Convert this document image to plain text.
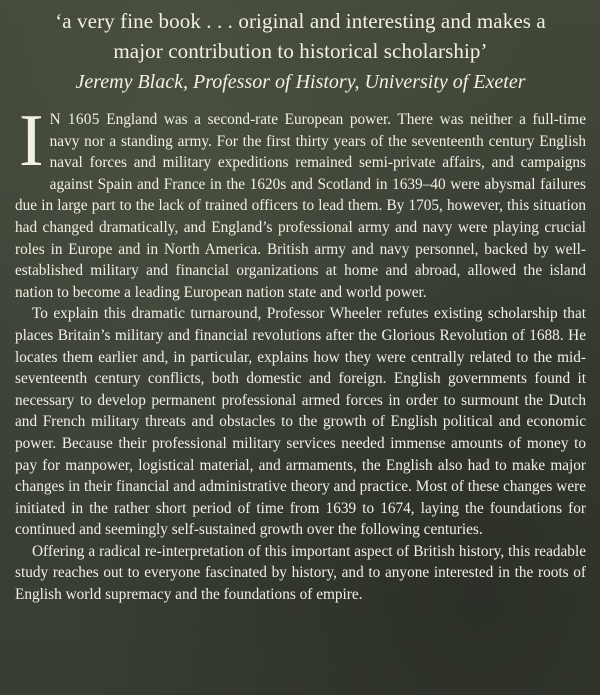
‘a very fine book . . . original and interesting and makes a
major contribution to historical scholarship’
Jeremy Black, Professor of History, University of Exeter

I N 1605 England was a second-rate European power. There was neither a full-time navy nor a standing army. For the first thirty years of the seventeenth century English naval forces and military expeditions remained semi-private affairs, and campaigns against Spain and France in the 1620s and Scotland in 1639–40 were abysmal failures due in large part to the lack of trained officers to lead them. By 1705, however, this situation had changed dramatically, and England’s professional army and navy were playing crucial roles in Europe and in North America. British army and navy personnel, backed by well-established military and financial organizations at home and abroad, allowed the island nation to become a leading European nation state and world power.

To explain this dramatic turnaround, Professor Wheeler refutes existing scholarship that places Britain’s military and financial revolutions after the Glorious Revolution of 1688. He locates them earlier and, in particular, explains how they were centrally related to the mid-seventeenth century conflicts, both domestic and foreign. English governments found it necessary to develop permanent professional armed forces in order to surmount the Dutch and French military threats and obstacles to the growth of English political and economic power. Because their professional military services needed immense amounts of money to pay for manpower, logistical material, and armaments, the English also had to make major changes in their financial and administrative theory and practice. Most of these changes were initiated in the rather short period of time from 1639 to 1674, laying the foundations for continued and seemingly self-sustained growth over the following centuries.

Offering a radical re-interpretation of this important aspect of British history, this readable study reaches out to everyone fascinated by history, and to anyone interested in the roots of English world supremacy and the foundations of empire.
